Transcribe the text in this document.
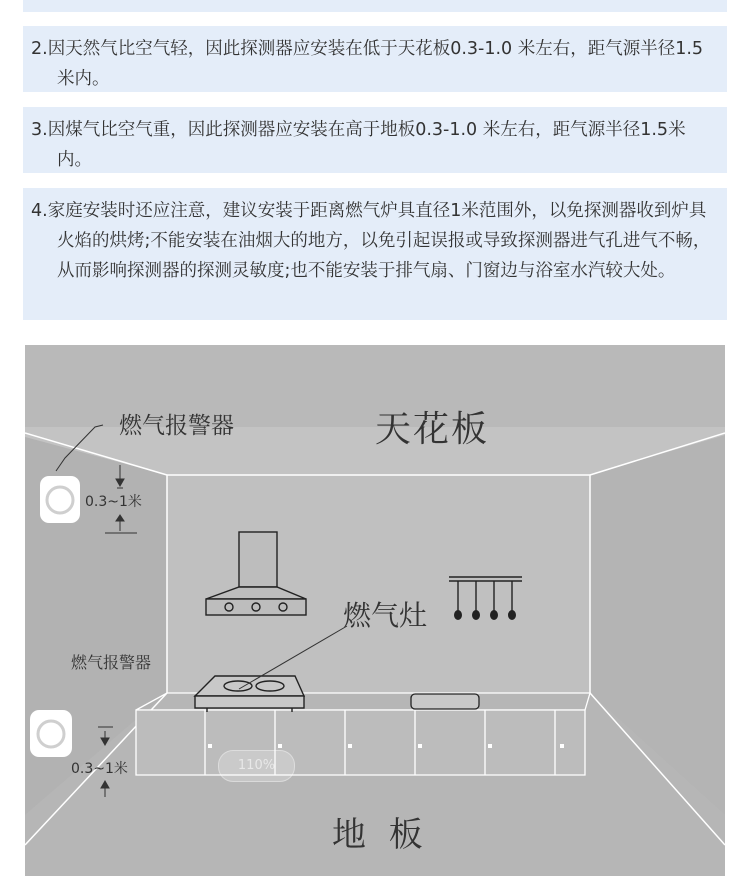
2.因天然气比空气轻，因此探测器应安装在低于天花板0.3-1.0 米左右，距气源半径1.5米内。
3.因煤气比空气重，因此探测器应安装在高于地板0.3-1.0 米左右，距气源半径1.5米内。
4.家庭安装时还应注意，建议安装于距离燃气炉具直径1米范围外，以免探测器收到炉具火焰的烘烤;不能安装在油烟大的地方，以免引起误报或导致探测器进气孔进气不畅，从而影响探测器的探测灵敏度;也不能安装于排气扇、门窗边与浴室水汽较大处。
天花板
地 板
燃气灶
燃气报警器
0.3~1米
燃气报警器
0.3~1米	110%
